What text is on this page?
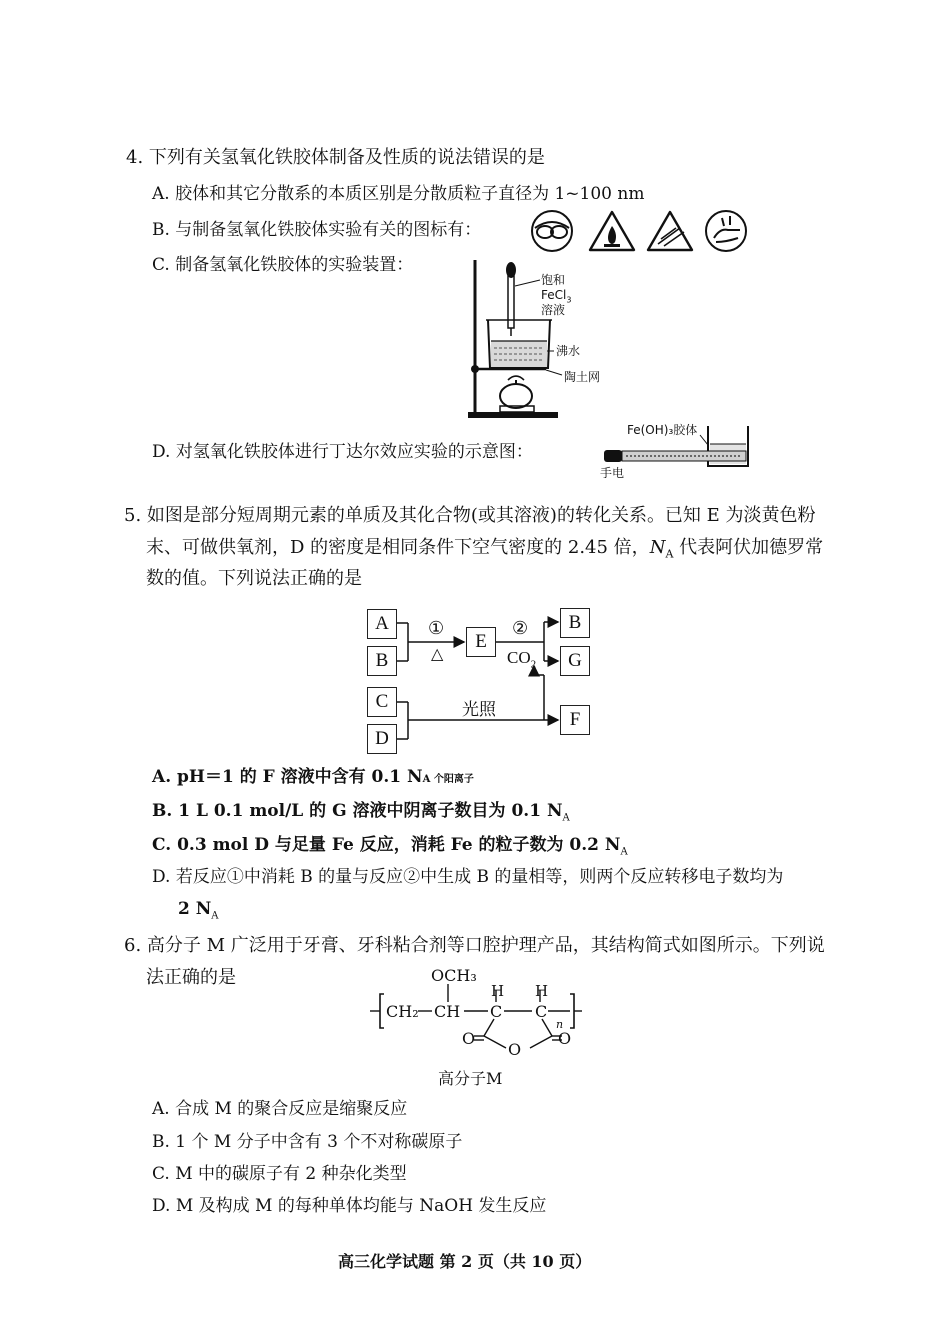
4. 下列有关氢氧化铁胶体制备及性质的说法错误的是
A. 胶体和其它分散系的本质区别是分散质粒子直径为 1~100 nm
B. 与制备氢氧化铁胶体实验有关的图标有：
C. 制备氢氧化铁胶体的实验装置：
饱和
FeCl$_3$
溶液
沸水
陶土网
D. 对氢氧化铁胶体进行丁达尔效应实验的示意图：
Fe(OH)₃胶体
手电
5. 如图是部分短周期元素的单质及其化合物(或其溶液)的转化关系。已知 E 为淡黄色粉
末、可做供氧剂，D 的密度是相同条件下空气密度的 2.45 倍，$N_A$ 代表阿伏加德罗常
数的值。下列说法正确的是
A
B
C
D
E
B
G
F
①
△
②
$CO_2$
光照
A. pH＝1 的 F 溶液中含有 0.1 NA 个阳离子
B. 1 L 0.1 mol/L 的 G 溶液中阴离子数目为 0.1 $N_A$
C. 0.3 mol D 与足量 Fe 反应，消耗 Fe 的粒子数为 0.2 $N_A$
D. 若反应①中消耗 B 的量与反应②中生成 B 的量相等，则两个反应转移电子数均为
2 $N_A$
6. 高分子 M 广泛用于牙膏、牙科粘合剂等口腔护理产品，其结构简式如图所示。下列说
法正确的是	OCH₃
CH₂ CH
H H
C C
O
O
O
n
高分子M
A. 合成 M 的聚合反应是缩聚反应
B. 1 个 M 分子中含有 3 个不对称碳原子
C. M 中的碳原子有 2 种杂化类型
D. M 及构成 M 的每种单体均能与 NaOH 发生反应
高三化学试题 第 2 页（共 10 页）
